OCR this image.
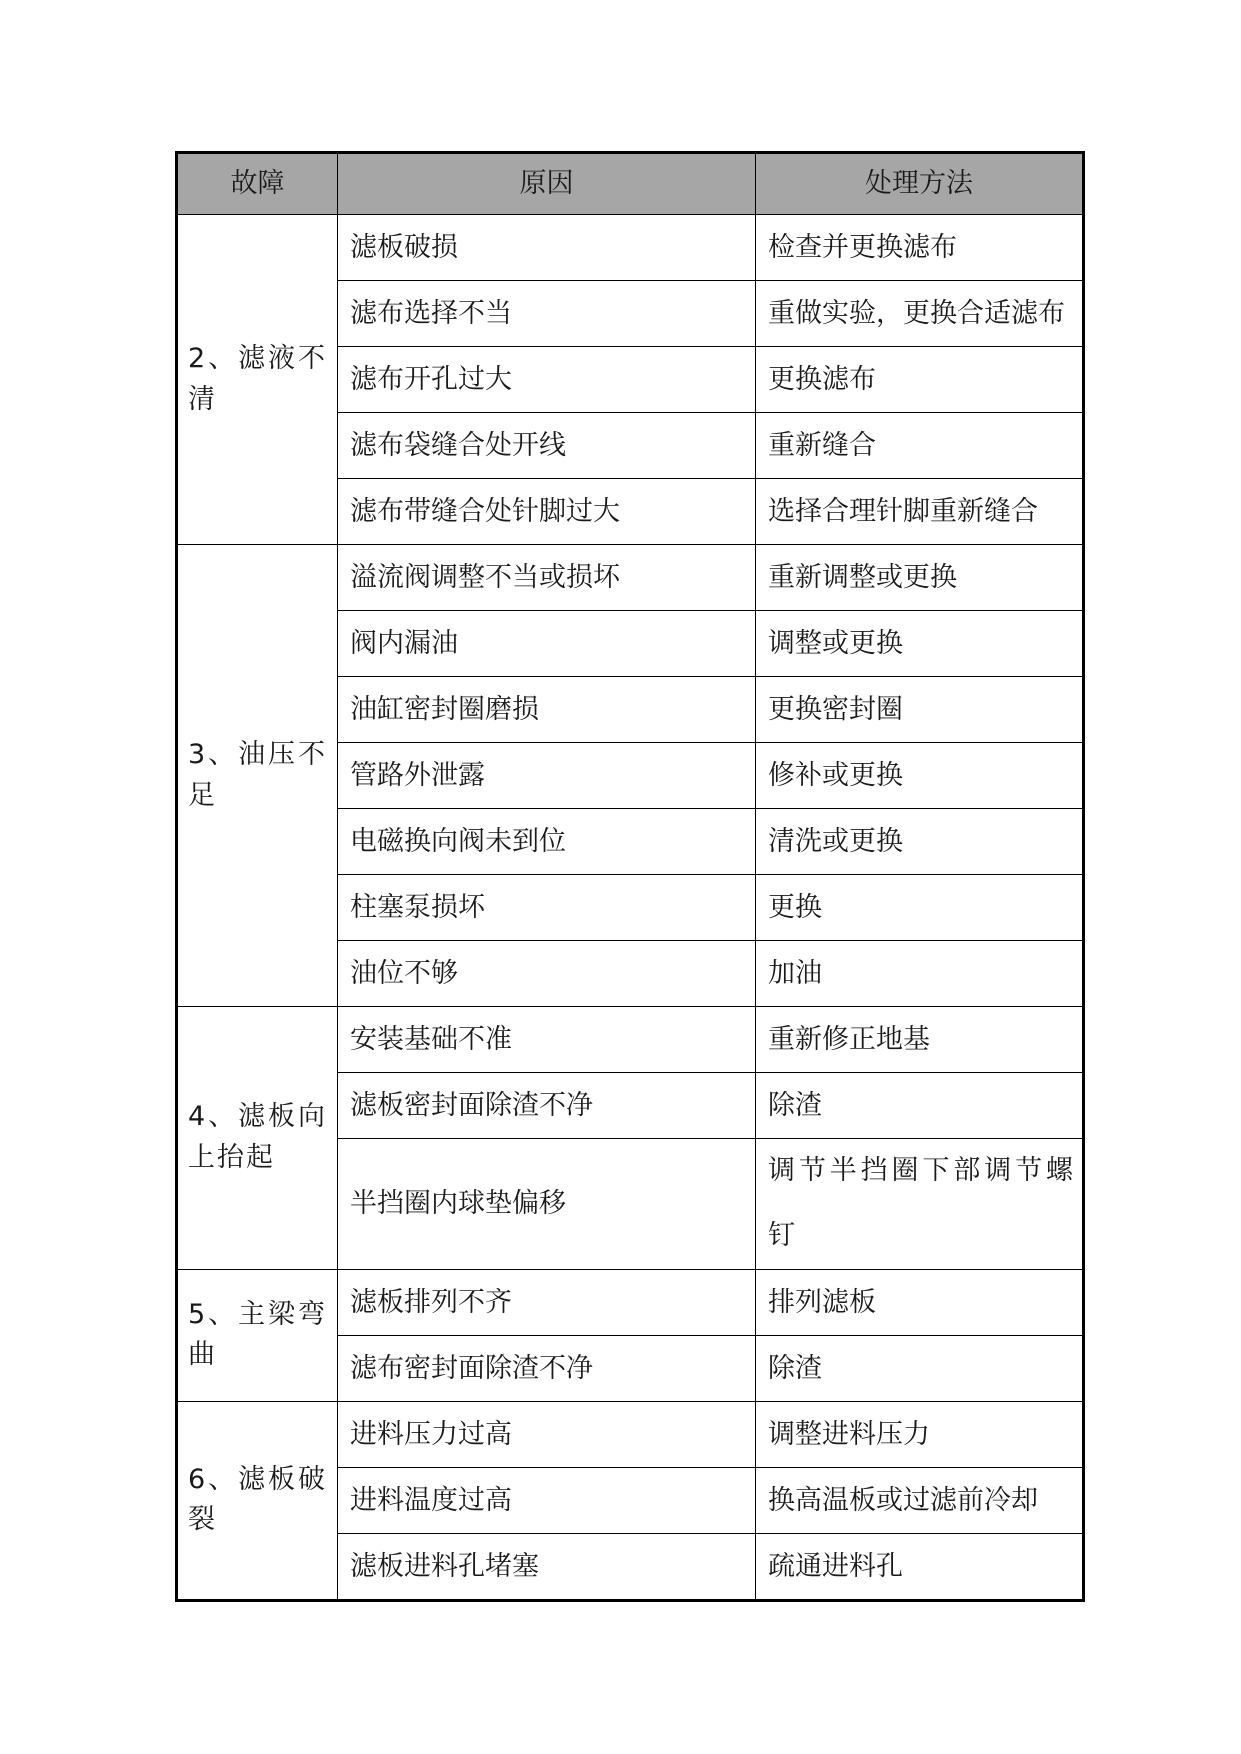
故障	原因	处理方法
2、滤液不清	滤板破损	检查并更换滤布
	滤布选择不当	重做实验，更换合适滤布
	滤布开孔过大	更换滤布
	滤布袋缝合处开线	重新缝合
	滤布带缝合处针脚过大	选择合理针脚重新缝合
3、油压不足	溢流阀调整不当或损坏	重新调整或更换
	阀内漏油	调整或更换
	油缸密封圈磨损	更换密封圈
	管路外泄露	修补或更换
	电磁换向阀未到位	清洗或更换
	柱塞泵损坏	更换
	油位不够	加油
4、滤板向上抬起	安装基础不准	重新修正地基
	滤板密封面除渣不净	除渣
	半挡圈内球垫偏移	调节半挡圈下部调节螺钉
5、主梁弯曲	滤板排列不齐	排列滤板
	滤布密封面除渣不净	除渣
6、滤板破裂	进料压力过高	调整进料压力
	进料温度过高	换高温板或过滤前冷却
	滤板进料孔堵塞	疏通进料孔
